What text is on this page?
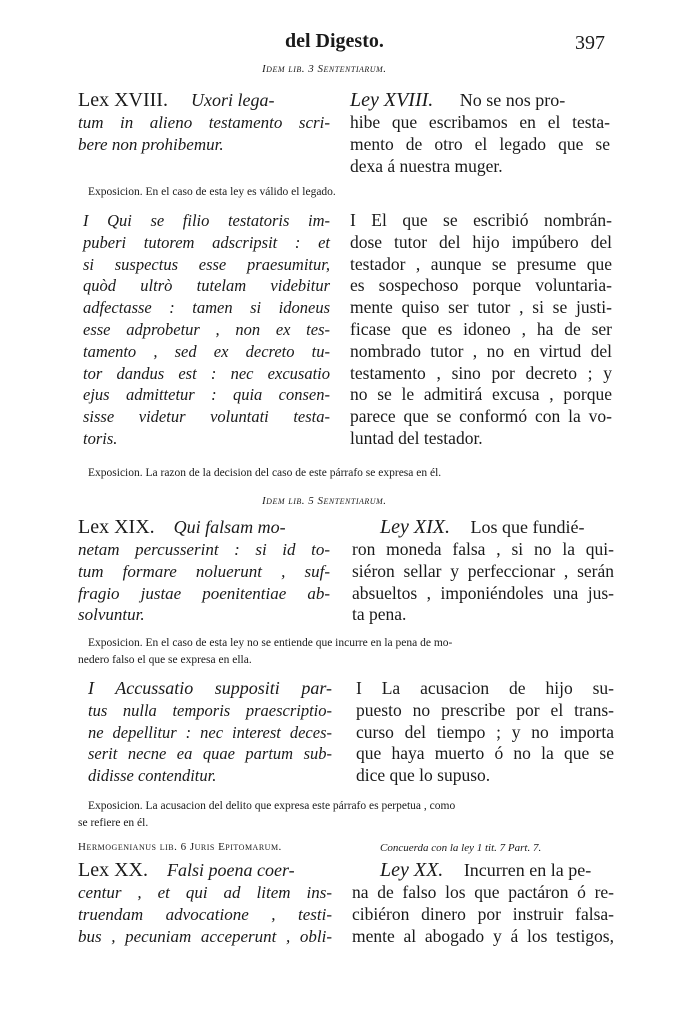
del Digesto.	397
Idem lib. 3 Sententiarum.
Lex XVIII. Uxori lega-
tum in alieno testamento scri-
bere non prohibemur.
Ley XVIII. No se nos pro-
hibe que escribamos en el testa-
mento de otro el legado que se
dexa á nuestra muger.
Exposicion. En el caso de esta ley es válido el legado.
I Qui se filio testatoris im-
puberi tutorem adscripsit : et
si suspectus esse praesumitur,
quòd ultrò tutelam videbitur
adfectasse : tamen si idoneus
esse adprobetur , non ex tes-
tamento , sed ex decreto tu-
tor dandus est : nec excusatio
ejus admittetur : quia consen-
sisse videtur voluntati testa-
toris.
I El que se escribió nombrán-
dose tutor del hijo impúbero del
testador , aunque se presume que
es sospechoso porque voluntaria-
mente quiso ser tutor , si se justi-
ficase que es idoneo , ha de ser
nombrado tutor , no en virtud del
testamento , sino por decreto ; y
no se le admitirá excusa , porque
parece que se conformó con la vo-
luntad del testador.
Exposicion. La razon de la decision del caso de este párrafo se expresa en él.
Idem lib. 5 Sententiarum.
Lex XIX. Qui falsam mo-
netam percusserint : si id to-
tum formare noluerunt , suf-
fragio justae poenitentiae ab-
solvuntur.
Ley XIX. Los que fundié-
ron moneda falsa , si no la qui-
siéron sellar y perfeccionar , serán
absueltos , imponiéndoles una jus-
ta pena.
Exposicion. En el caso de esta ley no se entiende que incurre en la pena de mo-
nedero falso el que se expresa en ella.
I Accussatio suppositi par-
tus nulla temporis praescriptio-
ne depellitur : nec interest deces-
serit necne ea quae partum sub-
didisse contenditur.
I La acusacion de hijo su-
puesto no prescribe por el trans-
curso del tiempo ; y no importa
que haya muerto ó no la que se
dice que lo supuso.
Exposicion. La acusacion del delito que expresa este párrafo es perpetua , como
se refiere en él.
Hermogenianus lib. 6 Juris Epitomarum.	Concuerda con la ley 1 tit. 7 Part. 7.
Lex XX. Falsi poena coer-
centur , et qui ad litem ins-
truendam advocatione , testi-
bus , pecuniam acceperunt , obli-
Ley XX. Incurren en la pe-
na de falso los que pactáron ó re-
cibiéron dinero por instruir falsa-
mente al abogado y á los testigos,
